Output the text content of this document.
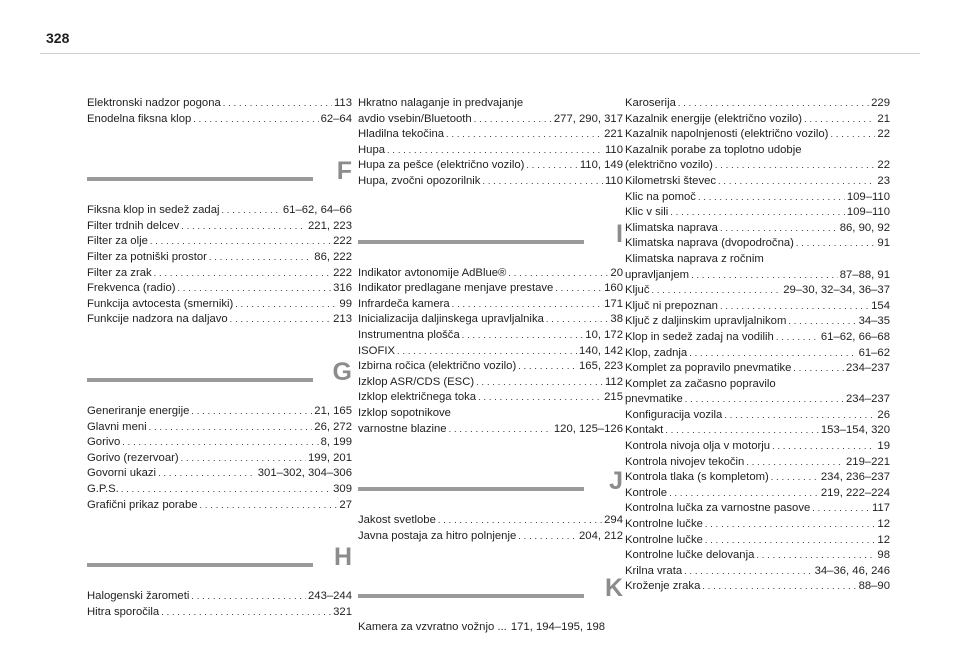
328
Elektronski nadzor pogona . . .	113
Enodelna fiksna klop . . .	62–64
F
Fiksna klop in sedež zadaj . . .	61–62, 64–66
Filter trdnih delcev . . .	221, 223
Filter za olje . . .	222
Filter za potniški prostor . . .	86, 222
Filter za zrak . . .	222
Frekvenca (radio) . . .	316
Funkcija avtocesta (smerniki) . . .	99
Funkcije nadzora na daljavo . . .	213
G
Generiranje energije . . .	21, 165
Glavni meni . . .	26, 272
Gorivo . . .	8, 199
Gorivo (rezervoar) . . .	199, 201
Govorni ukazi . . .	301–302, 304–306
G.P.S. . . .	309
Grafični prikaz porabe . . .	27
H
Halogenski žarometi . . .	243–244
Hitra sporočila . . .	321
Hkratno nalaganje in predvajanje
avdio vsebin/Bluetooth . . .	277, 290, 317
Hladilna tekočina . . .	221
Hupa . . .	110
Hupa za pešce (električno vozilo) . . .	110, 149
Hupa, zvočni opozorilnik . . .	110
I
Indikator avtonomije AdBlue® . . .	20
Indikator predlagane menjave prestave . . .	160
Infrardeča kamera . . .	171
Inicializacija daljinskega upravljalnika . . .	38
Instrumentna plošča . . .	10, 172
ISOFIX . . .	140, 142
Izbirna ročica (električno vozilo) . . .	165, 223
Izklop ASR/CDS (ESC) . . .	112
Izklop električnega toka . . .	215
Izklop sopotnikove
varnostne blazine . . .	120, 125–126
J
Jakost svetlobe . . .	294
Javna postaja za hitro polnjenje . . .	204, 212
K
Kamera za vzvratno vožnjo ... 171, 194–195, 198
Karoserija . . .	229
Kazalnik energije (električno vozilo) . . .	21
Kazalnik napolnjenosti (električno vozilo) . . .	22
Kazalnik porabe za toplotno udobje
(električno vozilo) . . .	22
Kilometrski števec . . .	23
Klic na pomoč . . .	109–110
Klic v sili . . .	109–110
Klimatska naprava . . .	86, 90, 92
Klimatska naprava (dvopodročna) . . .	91
Klimatska naprava z ročnim
upravljanjem . . .	87–88, 91
Ključ . . .	29–30, 32–34, 36–37
Ključ ni prepoznan . . .	154
Ključ z daljinskim upravljalnikom . . .	34–35
Klop in sedež zadaj na vodilih . . .	61–62, 66–68
Klop, zadnja . . .	61–62
Komplet za popravilo pnevmatike . . .	234–237
Komplet za začasno popravilo
pnevmatike . . .	234–237
Konfiguracija vozila . . .	26
Kontakt . . .	153–154, 320
Kontrola nivoja olja v motorju . . .	19
Kontrola nivojev tekočin . . .	219–221
Kontrola tlaka (s kompletom) . . .	234, 236–237
Kontrole . . .	219, 222–224
Kontrolna lučka za varnostne pasove . . .	117
Kontrolne lučke . . .	12
Kontrolne lučke . . .	12
Kontrolne lučke delovanja . . .	98
Krilna vrata . . .	34–36, 46, 246
Kroženje zraka . . .	88–90
